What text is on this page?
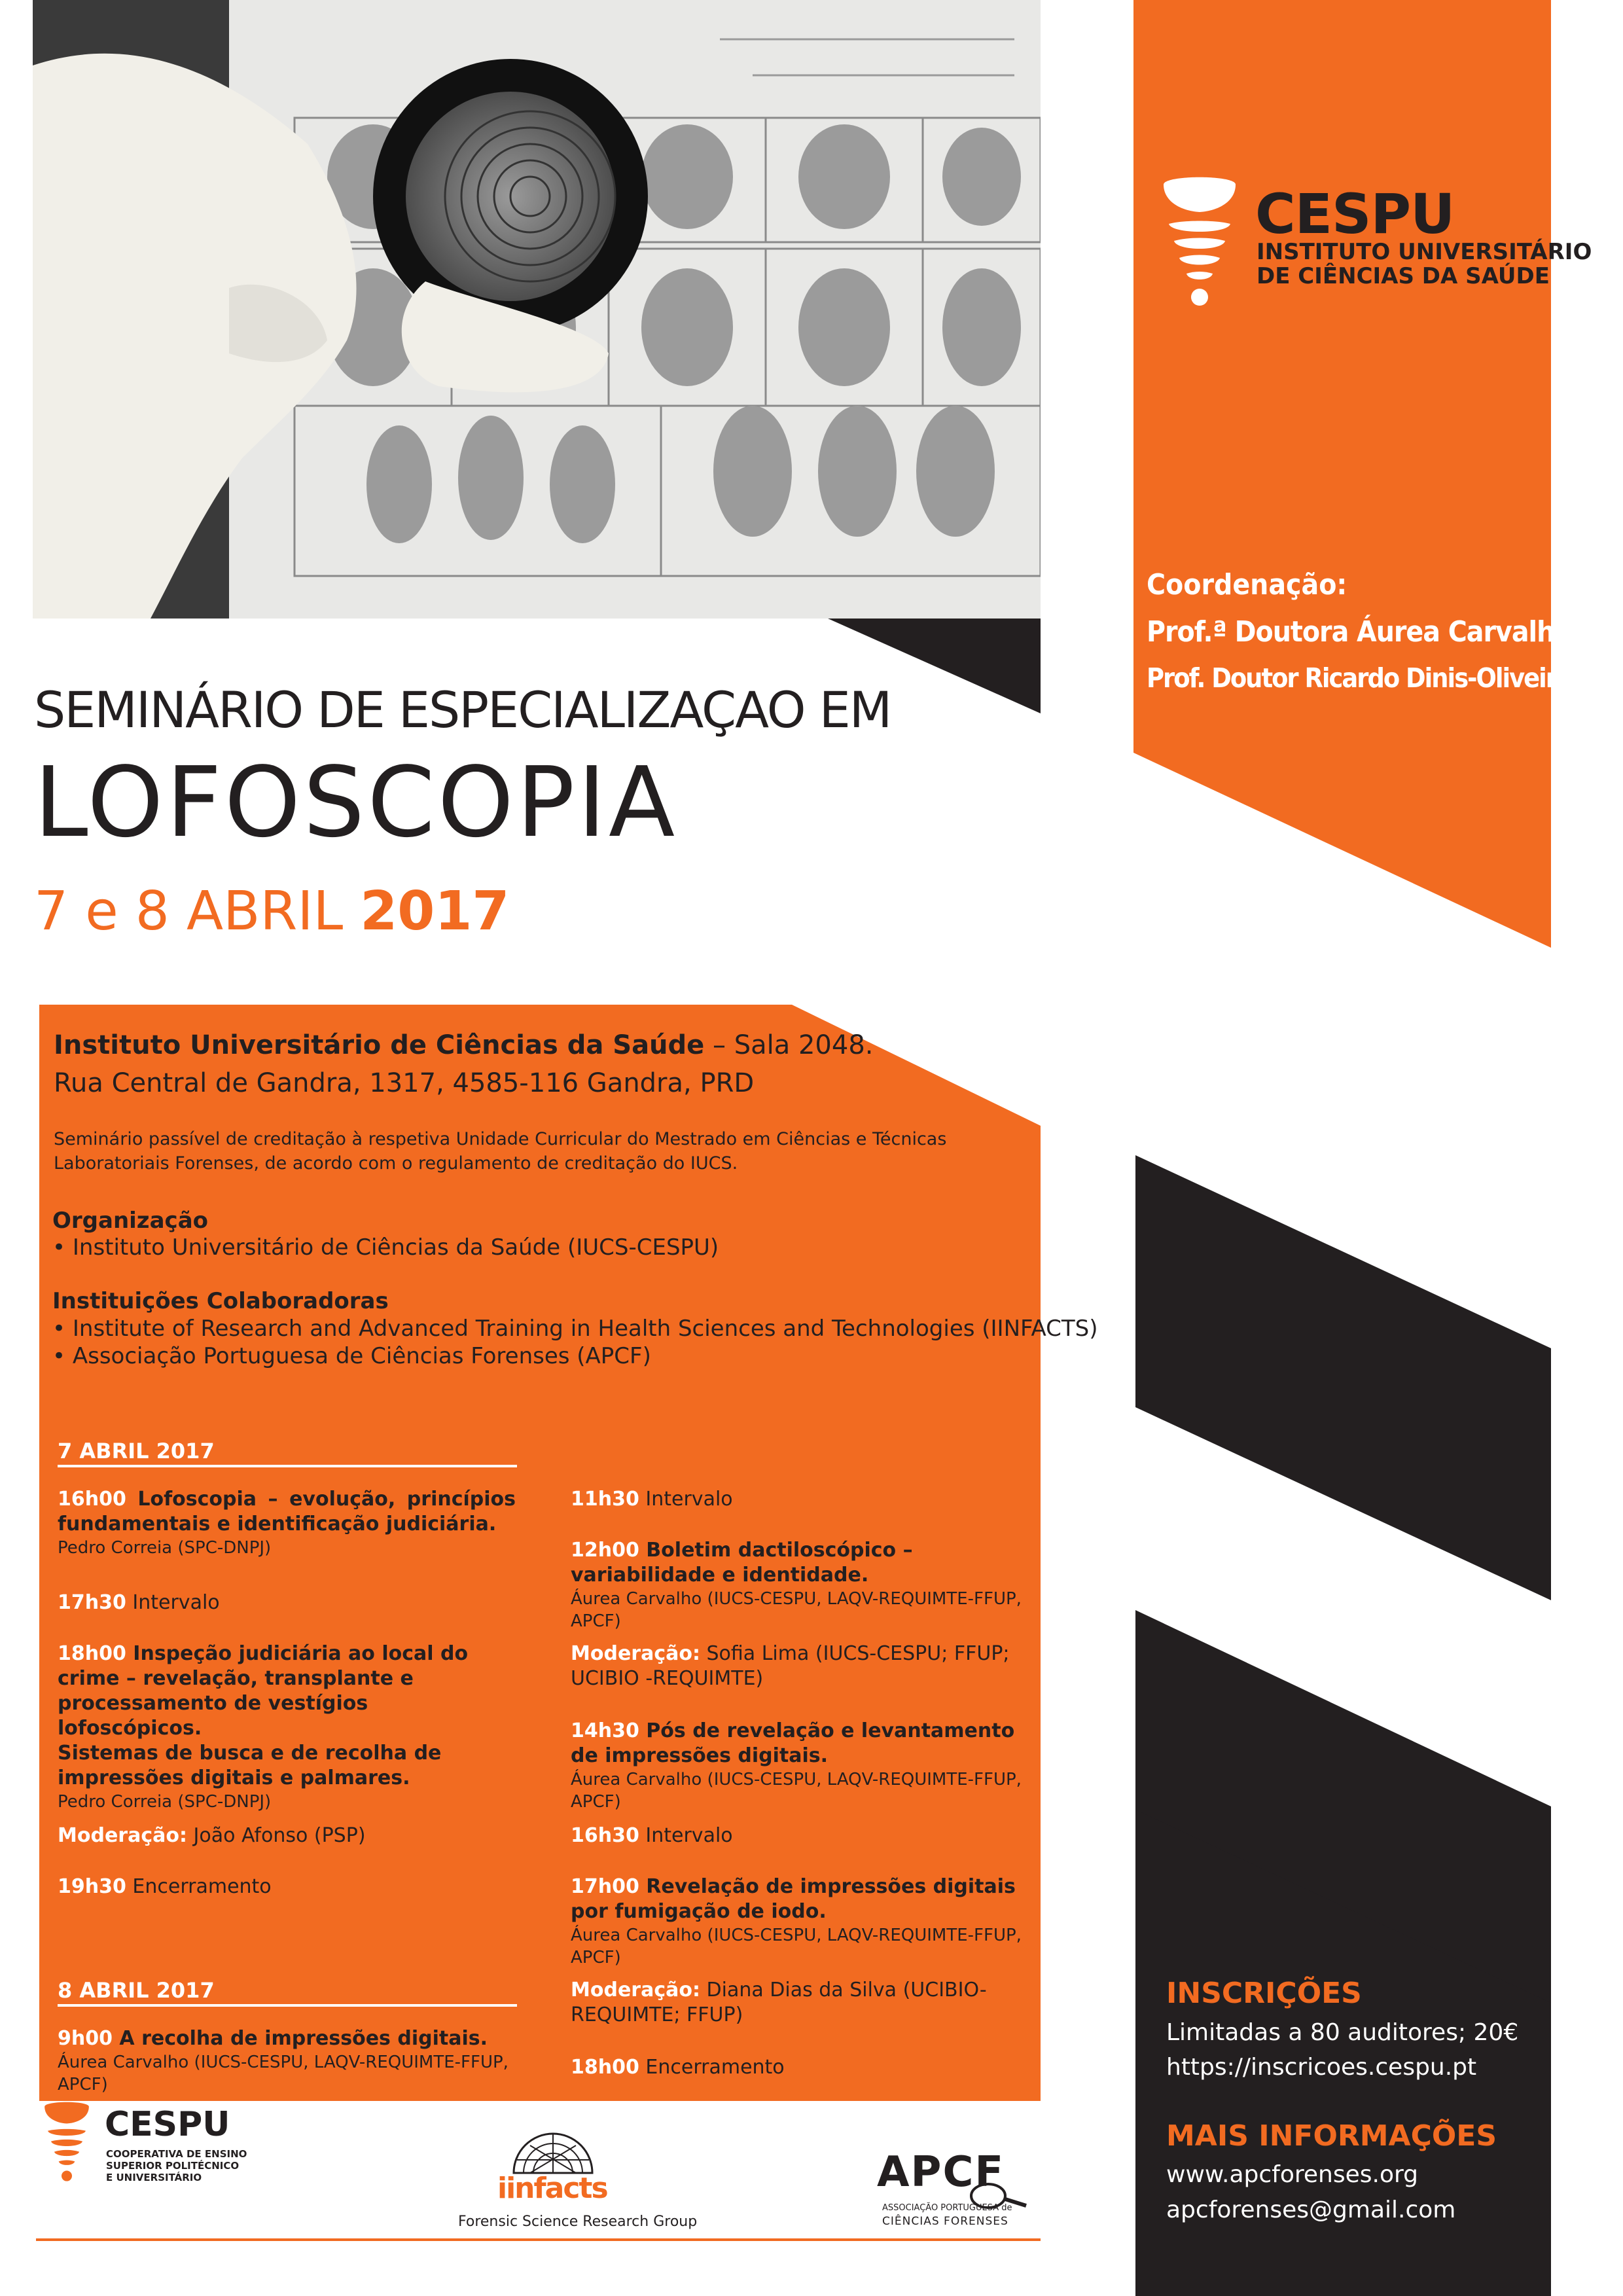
SEMINÁRIO DE ESPECIALIZAÇAO EM
LOFOSCOPIA
7 e 8 ABRIL 2017
CESPU
INSTITUTO UNIVERSITÁRIO
DE CIÊNCIAS DA SAÚDE
Coordenação:
Prof.ª Doutora Áurea Carvalho
Prof. Doutor Ricardo Dinis-Oliveira
Instituto Universitário de Ciências da Saúde – Sala 2048.
Rua Central de Gandra, 1317, 4585-116 Gandra, PRD
Seminário passível de creditação à respetiva Unidade Curricular do Mestrado em Ciências e Técnicas Laboratoriais Forenses, de acordo com o regulamento de creditação do IUCS.
Organização
• Instituto Universitário de Ciências da Saúde (IUCS-CESPU)
Instituições Colaboradoras
• Institute of Research and Advanced Training in Health Sciences and Technologies (IINFACTS)
• Associação Portuguesa de Ciências Forenses (APCF)
7 ABRIL 2017
16h00 Lofoscopia – evolução, princípios fundamentais e identificação judiciária.
Pedro Correia (SPC-DNPJ)
17h30 Intervalo
18h00 Inspeção judiciária ao local do crime – revelação, transplante e processamento de vestígios lofoscópicos.
Sistemas de busca e de recolha de impressões digitais e palmares.
Pedro Correia (SPC-DNPJ)
Moderação: João Afonso (PSP)
19h30 Encerramento
8 ABRIL 2017
9h00 A recolha de impressões digitais.
Áurea Carvalho (IUCS-CESPU, LAQV-REQUIMTE-FFUP, APCF)
11h30 Intervalo
12h00 Boletim dactiloscópico – variabilidade e identidade.
Áurea Carvalho (IUCS-CESPU, LAQV-REQUIMTE-FFUP, APCF)
Moderação: Sofia Lima (IUCS-CESPU; FFUP; UCIBIO -REQUIMTE)
14h30 Pós de revelação e levantamento de impressões digitais.
Áurea Carvalho (IUCS-CESPU, LAQV-REQUIMTE-FFUP, APCF)
16h30 Intervalo
17h00 Revelação de impressões digitais por fumigação de iodo.
Áurea Carvalho (IUCS-CESPU, LAQV-REQUIMTE-FFUP, APCF)
Moderação: Diana Dias da Silva (UCIBIO-REQUIMTE; FFUP)
18h00 Encerramento
INSCRIÇÕES
Limitadas a 80 auditores; 20€
https://inscricoes.cespu.pt
MAIS INFORMAÇÕES
www.apcforenses.org
apcforenses@gmail.com
CESPU
COOPERATIVA DE ENSINO
SUPERIOR POLITÉCNICO
E UNIVERSITÁRIO	iinfacts
Forensic Science Research Group
APCF
ASSOCIAÇÃO PORTUGUESA de
CIÊNCIAS FORENSES
